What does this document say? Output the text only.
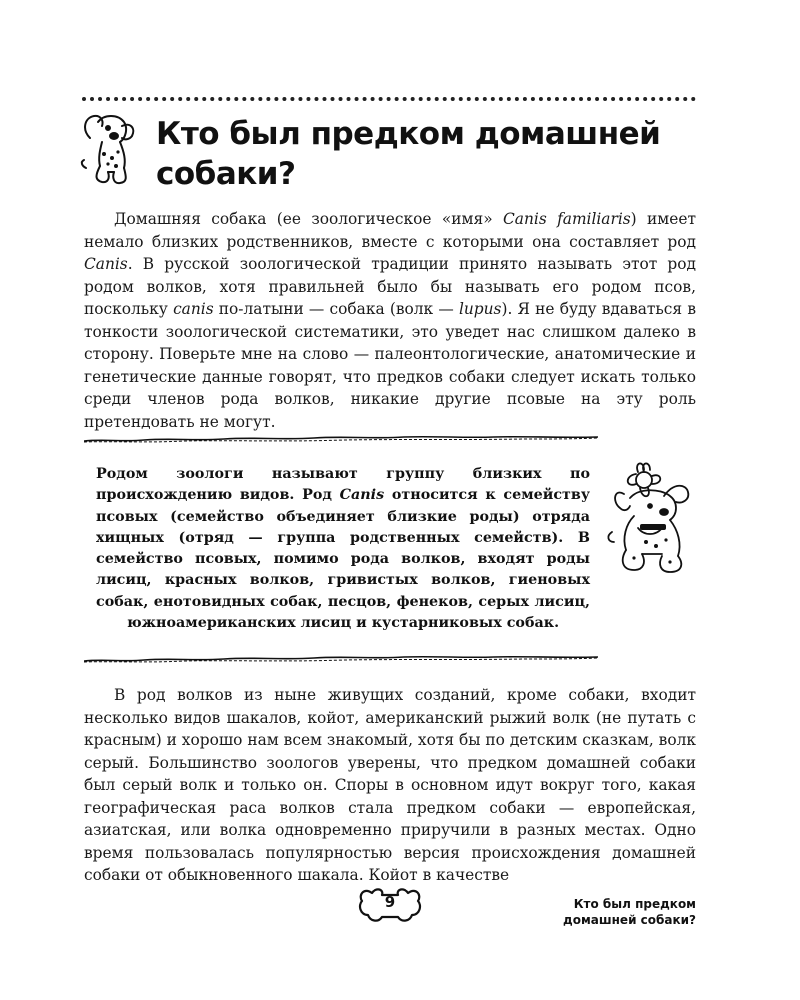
Кто был предком домашней собаки?

Домашняя собака (ее зоологическое «имя» Canis familiaris) имеет немало близких родственников, вместе с которыми она составляет род Canis. В русской зоологической традиции принято называть этот род родом волков, хотя правильней было бы называть его родом псов, поскольку canis по-латыни — собака (волк — lupus). Я не буду вдаваться в тонкости зоологической систематики, это уведет нас слишком далеко в сторону. Поверьте мне на слово — палеонтологические, анатомические и генетические данные говорят, что предков собаки следует искать только среди членов рода волков, никакие другие псовые на эту роль претендовать не могут.

Родом зоологи называют группу близких по происхождению видов. Род Canis относится к семейству псовых (семейство объединяет близкие роды) отряда хищных (отряд — группа родственных семейств). В семейство псовых, помимо рода волков, входят роды лисиц, красных волков, гривистых волков, гиеновых собак, енотовидных собак, песцов, фенеков, серых лисиц, южноамериканских лисиц и кустарниковых собак.

В род волков из ныне живущих созданий, кроме собаки, входит несколько видов шакалов, койот, американский рыжий волк (не путать с красным) и хорошо нам всем знакомый, хотя бы по детским сказкам, волк серый. Большинство зоологов уверены, что предком домашней собаки был серый волк и только он. Споры в основном идут вокруг того, какая географическая раса волков стала предком собаки — европейская, азиатская, или волка одновременно приручили в разных местах. Одно время пользовалась популярностью версия происхождения домашней собаки от обыкновенного шакала. Койот в качестве

9	Кто был предком
домашней собаки?
